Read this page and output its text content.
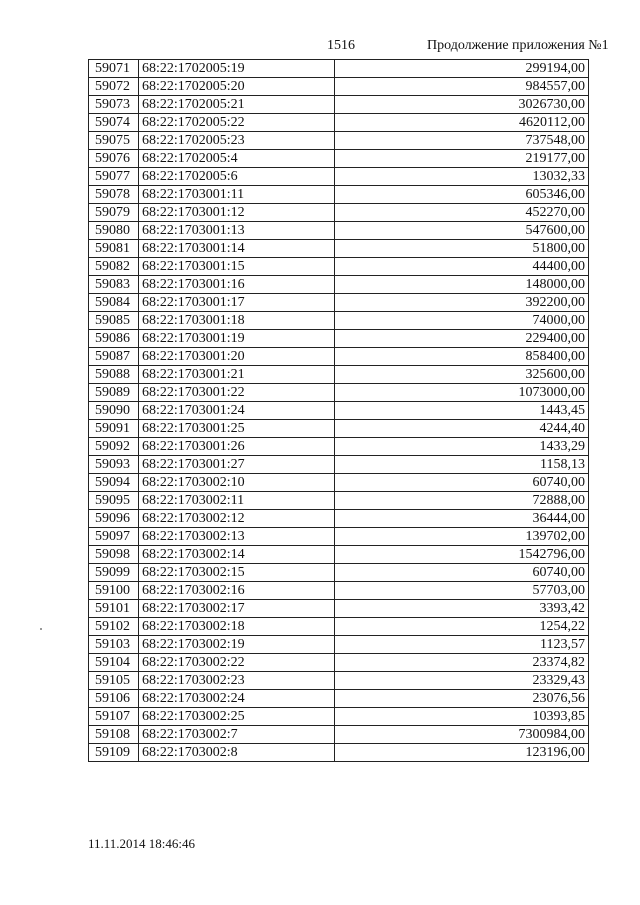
1516	Продолжение приложения №1
59071	68:22:1702005:19	299194,00
59072	68:22:1702005:20	984557,00
59073	68:22:1702005:21	3026730,00
59074	68:22:1702005:22	4620112,00
59075	68:22:1702005:23	737548,00
59076	68:22:1702005:4	219177,00
59077	68:22:1702005:6	13032,33
59078	68:22:1703001:11	605346,00
59079	68:22:1703001:12	452270,00
59080	68:22:1703001:13	547600,00
59081	68:22:1703001:14	51800,00
59082	68:22:1703001:15	44400,00
59083	68:22:1703001:16	148000,00
59084	68:22:1703001:17	392200,00
59085	68:22:1703001:18	74000,00
59086	68:22:1703001:19	229400,00
59087	68:22:1703001:20	858400,00
59088	68:22:1703001:21	325600,00
59089	68:22:1703001:22	1073000,00
59090	68:22:1703001:24	1443,45
59091	68:22:1703001:25	4244,40
59092	68:22:1703001:26	1433,29
59093	68:22:1703001:27	1158,13
59094	68:22:1703002:10	60740,00
59095	68:22:1703002:11	72888,00
59096	68:22:1703002:12	36444,00
59097	68:22:1703002:13	139702,00
59098	68:22:1703002:14	1542796,00
59099	68:22:1703002:15	60740,00
59100	68:22:1703002:16	57703,00
59101	68:22:1703002:17	3393,42
59102	68:22:1703002:18	1254,22
59103	68:22:1703002:19	1123,57
59104	68:22:1703002:22	23374,82
59105	68:22:1703002:23	23329,43
59106	68:22:1703002:24	23076,56
59107	68:22:1703002:25	10393,85
59108	68:22:1703002:7	7300984,00
59109	68:22:1703002:8	123196,00
11.11.2014 18:46:46
